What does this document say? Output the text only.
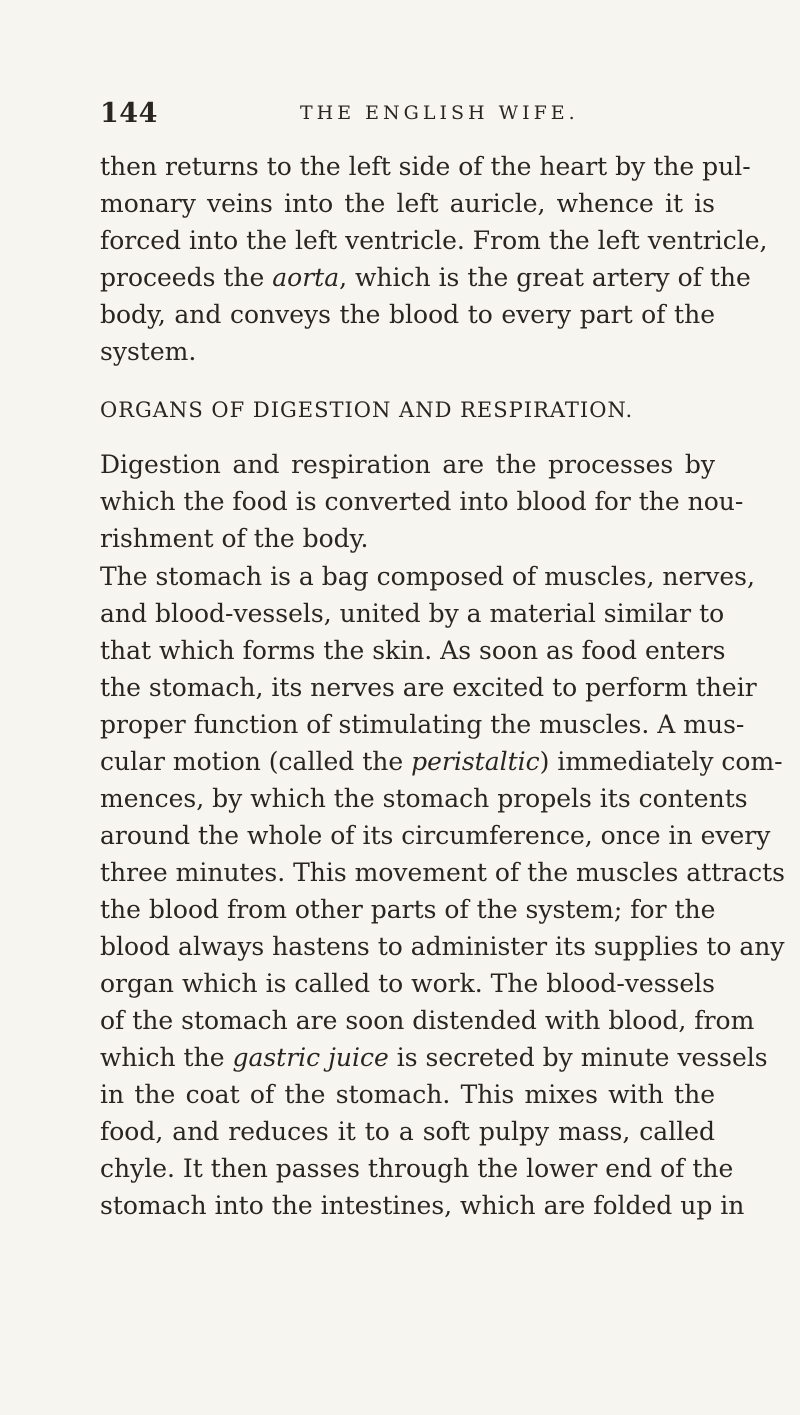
144	THE ENGLISH WIFE.
then returns to the left side of the heart by the pul-
monary veins into the left auricle, whence it is
forced into the left ventricle. From the left ventricle,
proceeds the aorta, which is the great artery of the
body, and conveys the blood to every part of the
system.
ORGANS OF DIGESTION AND RESPIRATION.
Digestion and respiration are the processes by
which the food is converted into blood for the nou-
rishment of the body.
The stomach is a bag composed of muscles, nerves,
and blood-vessels, united by a material similar to
that which forms the skin. As soon as food enters
the stomach, its nerves are excited to perform their
proper function of stimulating the muscles. A mus-
cular motion (called the peristaltic) immediately com-
mences, by which the stomach propels its contents
around the whole of its circumference, once in every
three minutes. This movement of the muscles attracts
the blood from other parts of the system; for the
blood always hastens to administer its supplies to any
organ which is called to work. The blood-vessels
of the stomach are soon distended with blood, from
which the gastric juice is secreted by minute vessels
in the coat of the stomach. This mixes with the
food, and reduces it to a soft pulpy mass, called
chyle. It then passes through the lower end of the
stomach into the intestines, which are folded up in
